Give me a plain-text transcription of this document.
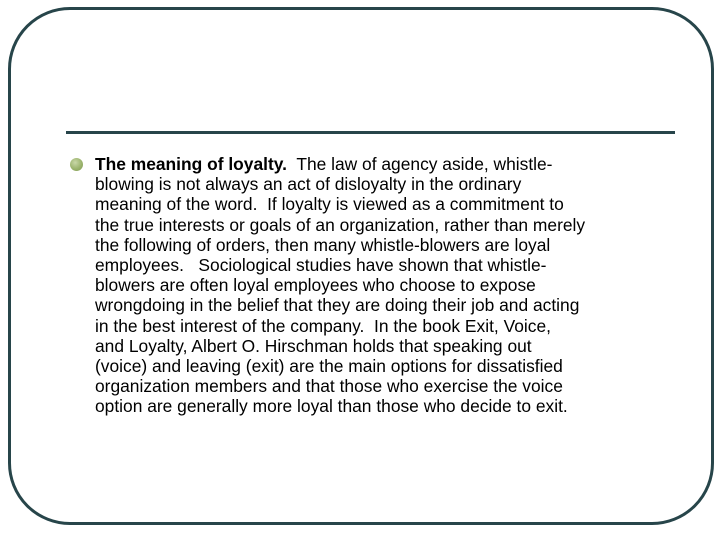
The meaning of loyalty.  The law of agency aside, whistle-
blowing is not always an act of disloyalty in the ordinary
meaning of the word.  If loyalty is viewed as a commitment to
the true interests or goals of an organization, rather than merely
the following of orders, then many whistle-blowers are loyal
employees.   Sociological studies have shown that whistle-
blowers are often loyal employees who choose to expose
wrongdoing in the belief that they are doing their job and acting
in the best interest of the company.  In the book Exit, Voice,
and Loyalty, Albert O. Hirschman holds that speaking out
(voice) and leaving (exit) are the main options for dissatisfied
organization members and that those who exercise the voice
option are generally more loyal than those who decide to exit.
